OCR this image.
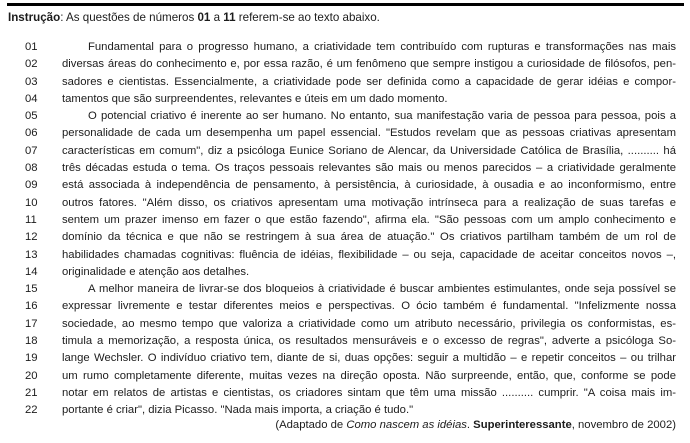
Instrução: As questões de números 01 a 11 referem-se ao texto abaixo.
01	Fundamental para o progresso humano, a criatividade tem contribuído com rupturas e transformações nas mais
02	diversas áreas do conhecimento e, por essa razão, é um fenômeno que sempre instigou a curiosidade de filósofos, pen-
03	sadores e cientistas. Essencialmente, a criatividade pode ser definida como a capacidade de gerar idéias e compor-
04	tamentos que são surpreendentes, relevantes e úteis em um dado momento.
05	O potencial criativo é inerente ao ser humano. No entanto, sua manifestação varia de pessoa para pessoa, pois a
06	personalidade de cada um desempenha um papel essencial. "Estudos revelam que as pessoas criativas apresentam
07	características em comum", diz a psicóloga Eunice Soriano de Alencar, da Universidade Católica de Brasília, .......... há
08	três décadas estuda o tema. Os traços pessoais relevantes são mais ou menos parecidos – a criatividade geralmente
09	está associada à independência de pensamento, à persistência, à curiosidade, à ousadia e ao inconformismo, entre
10	outros fatores. "Além disso, os criativos apresentam uma motivação intrínseca para a realização de suas tarefas e
11	sentem um prazer imenso em fazer o que estão fazendo", afirma ela. "São pessoas com um amplo conhecimento e
12	domínio da técnica e que não se restringem à sua área de atuação." Os criativos partilham também de um rol de
13	habilidades chamadas cognitivas: fluência de idéias, flexibilidade – ou seja, capacidade de aceitar conceitos novos –,
14	originalidade e atenção aos detalhes.
15	A melhor maneira de livrar-se dos bloqueios à criatividade é buscar ambientes estimulantes, onde seja possível se
16	expressar livremente e testar diferentes meios e perspectivas. O ócio também é fundamental. "Infelizmente nossa
17	sociedade, ao mesmo tempo que valoriza a criatividade como um atributo necessário, privilegia os conformistas, es-
18	timula a memorização, a resposta única, os resultados mensuráveis e o excesso de regras", adverte a psicóloga So-
19	lange Wechsler. O indivíduo criativo tem, diante de si, duas opções: seguir a multidão – e repetir conceitos – ou trilhar
20	um rumo completamente diferente, muitas vezes na direção oposta. Não surpreende, então, que, conforme se pode
21	notar em relatos de artistas e cientistas, os criadores sintam que têm uma missão .......... cumprir. "A coisa mais im-
22	portante é criar", dizia Picasso. "Nada mais importa, a criação é tudo."
(Adaptado de Como nascem as idéias. Superinteressante, novembro de 2002)
